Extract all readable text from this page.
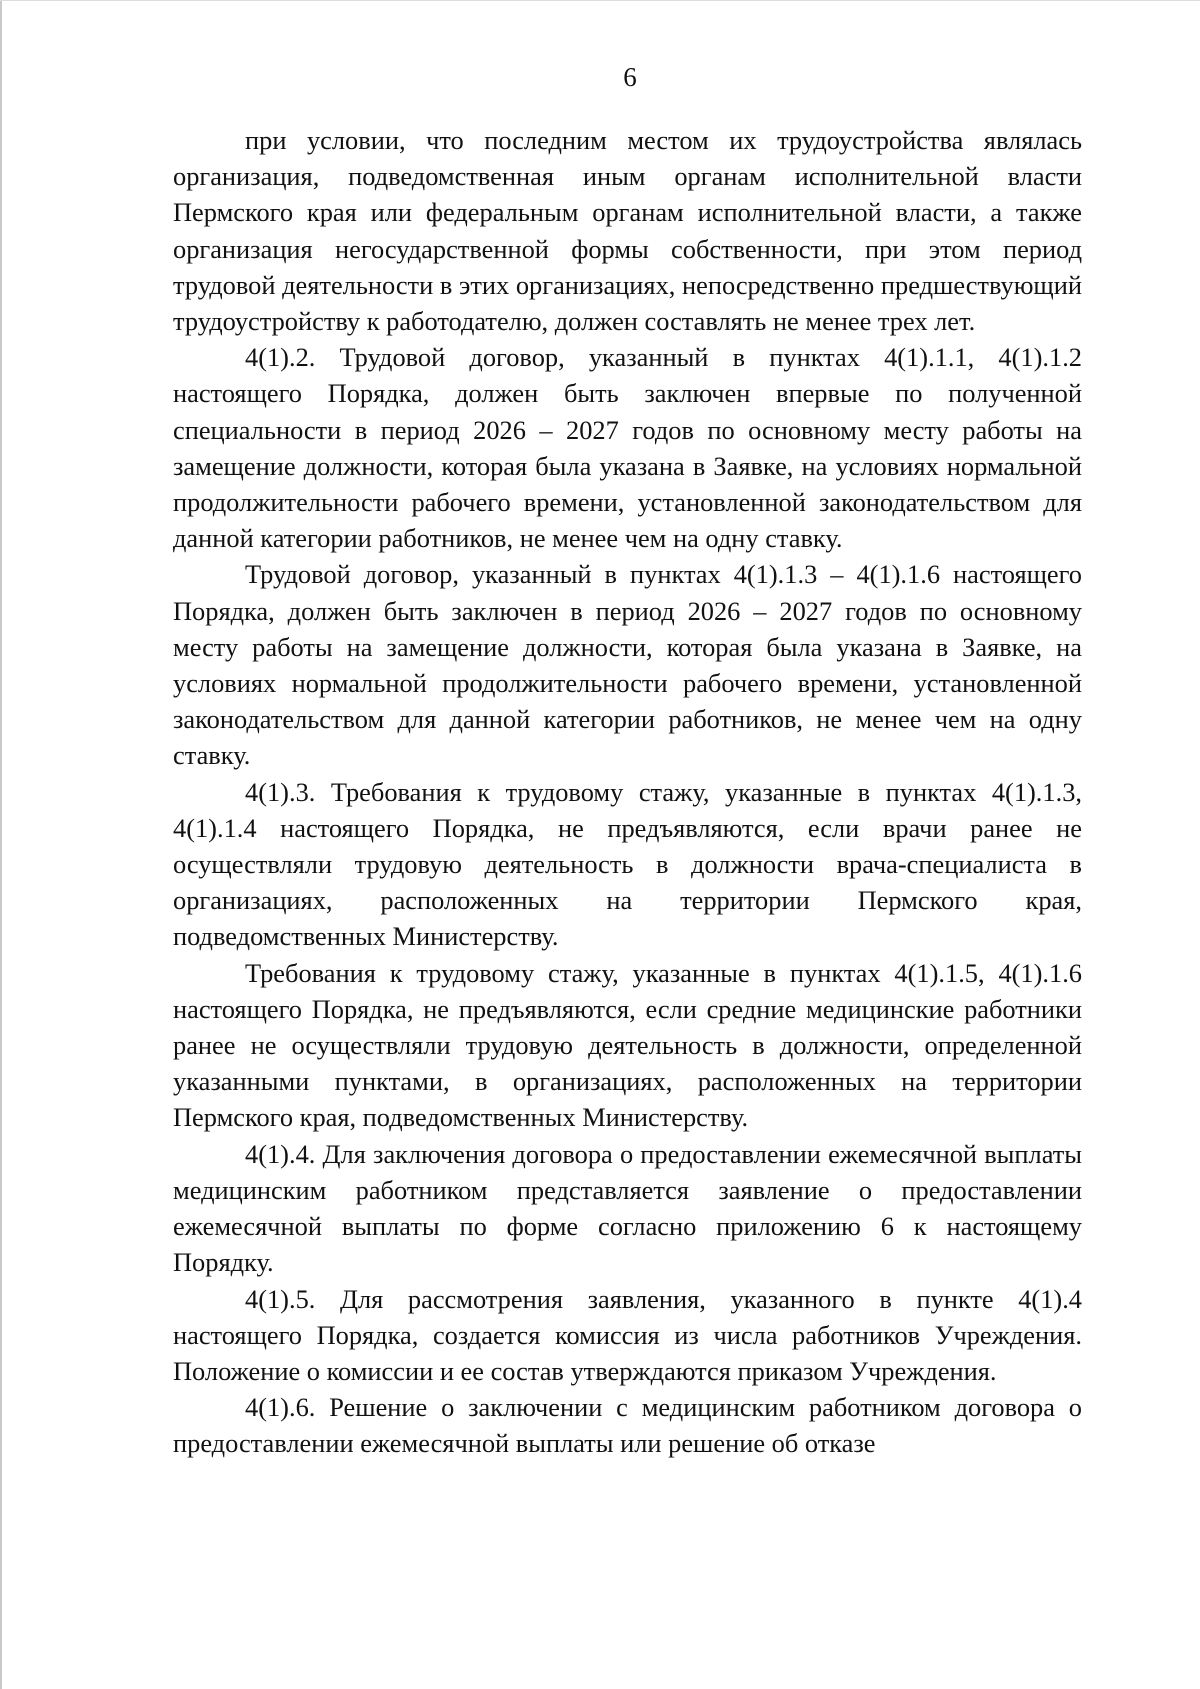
6

при условии, что последним местом их трудоустройства являлась организация, подведомственная иным органам исполнительной власти Пермского края или федеральным органам исполнительной власти, а также организация негосударственной формы собственности, при этом период трудовой деятельности в этих организациях, непосредственно предшествующий трудоустройству к работодателю, должен составлять не менее трех лет.

4(1).2. Трудовой договор, указанный в пунктах 4(1).1.1, 4(1).1.2 настоящего Порядка, должен быть заключен впервые по полученной специальности в период 2026 – 2027 годов по основному месту работы на замещение должности, которая была указана в Заявке, на условиях нормальной продолжительности рабочего времени, установленной законодательством для данной категории работников, не менее чем на одну ставку.

Трудовой договор, указанный в пунктах 4(1).1.3 – 4(1).1.6 настоящего Порядка, должен быть заключен в период 2026 – 2027 годов по основному месту работы на замещение должности, которая была указана в Заявке, на условиях нормальной продолжительности рабочего времени, установленной законодательством для данной категории работников, не менее чем на одну ставку.

4(1).3. Требования к трудовому стажу, указанные в пунктах 4(1).1.3, 4(1).1.4 настоящего Порядка, не предъявляются, если врачи ранее не осуществляли трудовую деятельность в должности врача-специалиста в организациях, расположенных на территории Пермского края, подведомственных Министерству.

Требования к трудовому стажу, указанные в пунктах 4(1).1.5, 4(1).1.6 настоящего Порядка, не предъявляются, если средние медицинские работники ранее не осуществляли трудовую деятельность в должности, определенной указанными пунктами, в организациях, расположенных на территории Пермского края, подведомственных Министерству.

4(1).4. Для заключения договора о предоставлении ежемесячной выплаты медицинским работником представляется заявление о предоставлении ежемесячной выплаты по форме согласно приложению 6 к настоящему Порядку.

4(1).5. Для рассмотрения заявления, указанного в пункте 4(1).4 настоящего Порядка, создается комиссия из числа работников Учреждения. Положение о комиссии и ее состав утверждаются приказом Учреждения.

4(1).6. Решение о заключении с медицинским работником договора о предоставлении ежемесячной выплаты или решение об отказе
